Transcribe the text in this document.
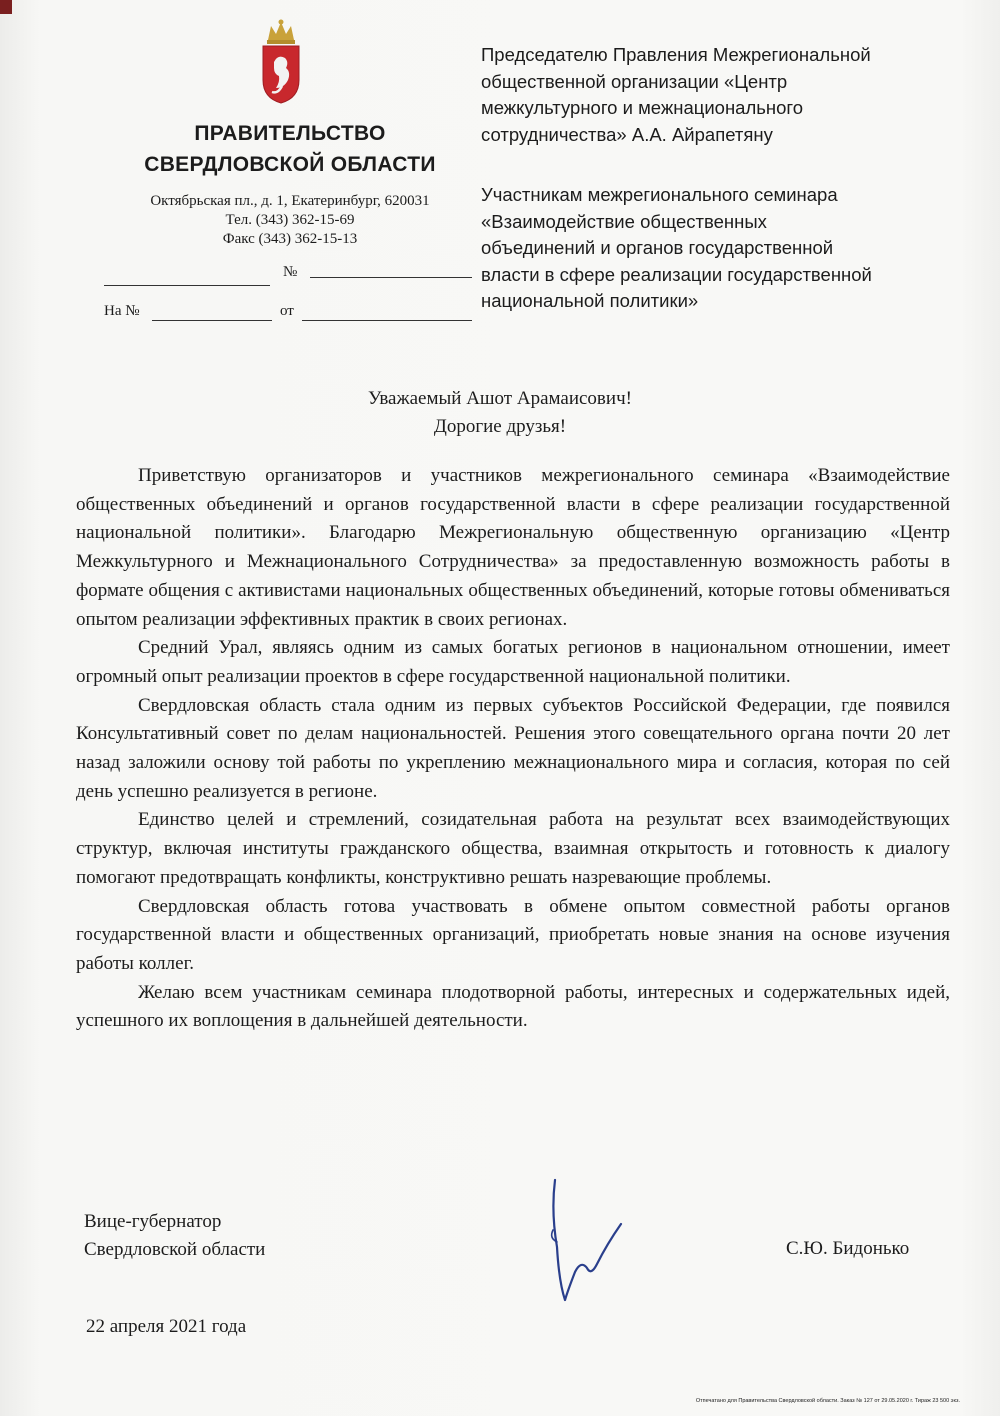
ПРАВИТЕЛЬСТВО
СВЕРДЛОВСКОЙ ОБЛАСТИ
Октябрьская пл., д. 1, Екатеринбург, 620031
Тел. (343) 362-15-69
Факс (343) 362-15-13
№
На №	от
Председателю Правления Межрегиональной
общественной организации «Центр
межкультурного и межнационального
сотрудничества» А.А. Айрапетяну
Участникам межрегионального семинара
«Взаимодействие общественных
объединений и органов государственной
власти в сфере реализации государственной
национальной политики»
Уважаемый Ашот Арамаисович!
Дорогие друзья!

Приветствую организаторов и участников межрегионального семинара «Взаимодействие общественных объединений и органов государственной власти в сфере реализации государственной национальной политики». Благодарю Межрегиональную общественную организацию «Центр Межкультурного и Межнационального Сотрудничества» за предоставленную возможность работы в формате общения с активистами национальных общественных объединений, которые готовы обмениваться опытом реализации эффективных практик в своих регионах.

Средний Урал, являясь одним из самых богатых регионов в национальном отношении, имеет огромный опыт реализации проектов в сфере государственной национальной политики.

Свердловская область стала одним из первых субъектов Российской Федерации, где появился Консультативный совет по делам национальностей. Решения этого совещательного органа почти 20 лет назад заложили основу той работы по укреплению межнационального мира и согласия, которая по сей день успешно реализуется в регионе.

Единство целей и стремлений, созидательная работа на результат всех взаимодействующих структур, включая институты гражданского общества, взаимная открытость и готовность к диалогу помогают предотвращать конфликты, конструктивно решать назревающие проблемы.

Свердловская область готова участвовать в обмене опытом совместной работы органов государственной власти и общественных организаций, приобретать новые знания на основе изучения работы коллег.

Желаю всем участникам семинара плодотворной работы, интересных и содержательных идей, успешного их воплощения в дальнейшей деятельности.

Вице-губернатор
Свердловской области	С.Ю. Бидонько
22 апреля 2021 года
Отпечатано для Правительства Свердловской области. Заказ № 127 от 29.05.2020 г. Тираж 23 500 экз.
